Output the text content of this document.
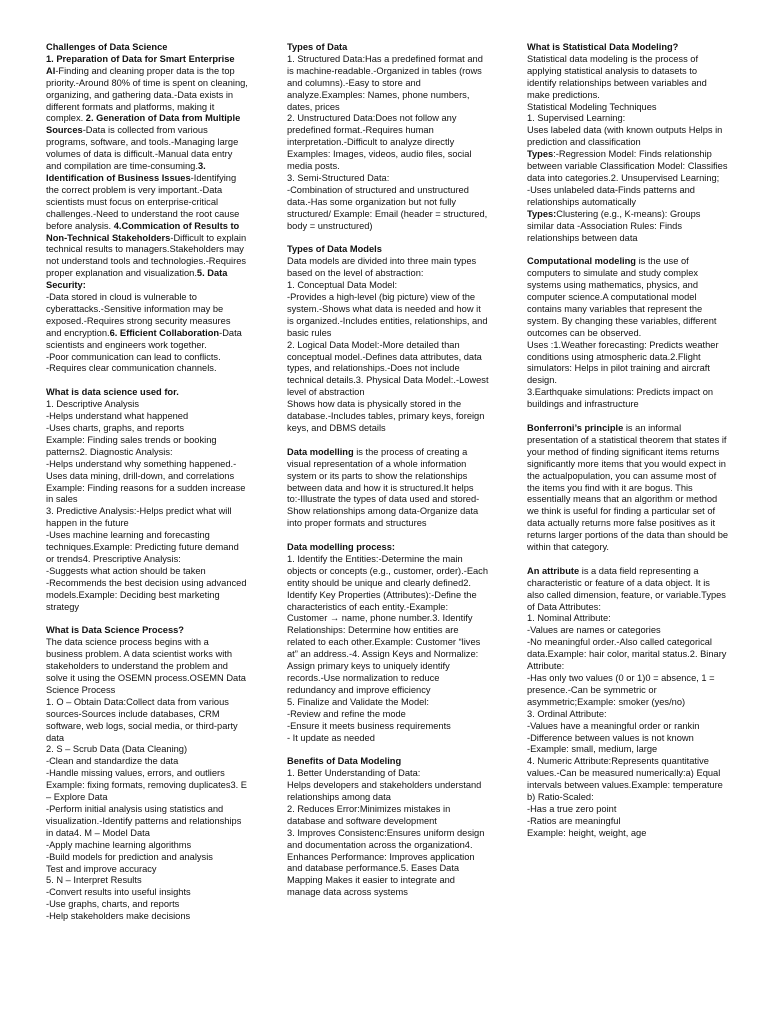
Challenges of Data Science
1. Preparation of Data for Smart Enterprise AI-Finding and cleaning proper data is the top priority.-Around 80% of time is spent on cleaning, organizing, and gathering data.-Data exists in different formats and platforms, making it complex. 2. Generation of Data from Multiple Sources-Data is collected from various programs, software, and tools.-Managing large volumes of data is difficult.-Manual data entry and compilation are time-consuming.3. Identification of Business Issues-Identifying the correct problem is very important.-Data scientists must focus on enterprise-critical challenges.-Need to understand the root cause before analysis. 4.Commication of Results to Non-Technical Stakeholders-Difficult to explain technical results to managers.Stakeholders may not understand tools and technologies.-Requires proper explanation and visualization.5. Data Security:
-Data stored in cloud is vulnerable to cyberattacks.-Sensitive information may be exposed.-Requires strong security measures and encryption.6. Efficient Collaboration-Data scientists and engineers work together.
-Poor communication can lead to conflicts.
-Requires clear communication channels.
What is data science used for.
1. Descriptive Analysis
-Helps understand what happened
-Uses charts, graphs, and reports
Example: Finding sales trends or booking patterns2. Diagnostic Analysis:
-Helps understand why something happened.-Uses data mining, drill-down, and correlations Example: Finding reasons for a sudden increase in sales
3. Predictive Analysis:-Helps predict what will happen in the future
-Uses machine learning and forecasting techniques.Example: Predicting future demand or trends4. Prescriptive Analysis:
-Suggests what action should be taken
-Recommends the best decision using advanced models.Example: Deciding best marketing strategy
What is Data Science Process?
The data science process begins with a business problem. A data scientist works with stakeholders to understand the problem and solve it using the OSEMN process.OSEMN Data Science Process
1. O – Obtain Data:Collect data from various sources-Sources include databases, CRM software, web logs, social media, or third-party data
2. S – Scrub Data (Data Cleaning)
-Clean and standardize the data
-Handle missing values, errors, and outliers Example: fixing formats, removing duplicates3. E – Explore Data
-Perform initial analysis using statistics and visualization.-Identify patterns and relationships in data4. M – Model Data
-Apply machine learning algorithms
-Build models for prediction and analysis
Test and improve accuracy
5. N – Interpret Results
-Convert results into useful insights
-Use graphs, charts, and reports
-Help stakeholders make decisions
Types of Data
1. Structured Data:Has a predefined format and is machine-readable.-Organized in tables (rows and columns).-Easy to store and analyze.Examples: Names, phone numbers, dates, prices
2. Unstructured Data:Does not follow any predefined format.-Requires human interpretation.-Difficult to analyze directly Examples: Images, videos, audio files, social media posts.
3. Semi-Structured Data:
-Combination of structured and unstructured data.-Has some organization but not fully structured/ Example: Email (header = structured, body = unstructured)
Types of Data Models
Data models are divided into three main types based on the level of abstraction:
1. Conceptual Data Model:
-Provides a high-level (big picture) view of the system.-Shows what data is needed and how it is organized.-Includes entities, relationships, and basic rules
2. Logical Data Model:-More detailed than conceptual model.-Defines data attributes, data types, and relationships.-Does not include technical details.3. Physical Data Model:.-Lowest level of abstraction
Shows how data is physically stored in the database.-Includes tables, primary keys, foreign keys, and DBMS details
Data modelling is the process of creating a visual representation of a whole information system or its parts to show the relationships between data and how it is structured.It helps to:-Illustrate the types of data used and stored-Show relationships among data-Organize data into proper formats and structures
Data modelling process:
1. Identify the Entities:-Determine the main objects or concepts (e.g., customer, order).-Each entity should be unique and clearly defined2. Identify Key Properties (Attributes):-Define the characteristics of each entity.-Example: Customer → name, phone number.3. Identify Relationships: Determine how entities are related to each other.Example: Customer “lives at” an address.-4. Assign Keys and Normalize: Assign primary keys to uniquely identify records.-Use normalization to reduce redundancy and improve efficiency
5. Finalize and Validate the Model:
-Review and refine the mode
-Ensure it meets business requirements
- It update as needed
Benefits of Data Modeling
1. Better Understanding of Data:
Helps developers and stakeholders understand relationships among data
2. Reduces Error:Minimizes mistakes in database and software development
3. Improves Consistenc:Ensures uniform design and documentation across the organization4. Enhances Performance: Improves application and database performance.5. Eases Data Mapping Makes it easier to integrate and manage data across systems
What is Statistical Data Modeling?
Statistical data modeling is the process of applying statistical analysis to datasets to identify relationships between variables and make predictions.
Statistical Modeling Techniques
1. Supervised Learning:
Uses labeled data (with known outputs Helps in prediction and classification
Types:-Regression Model: Finds relationship between variable Classification Model: Classifies data into categories.2. Unsupervised Learning;
-Uses unlabeled data-Finds patterns and relationships automatically
Types:Clustering (e.g., K-means): Groups similar data -Association Rules: Finds relationships between data
Computational modeling is the use of computers to simulate and study complex systems using mathematics, physics, and computer science.A computational model contains many variables that represent the system. By changing these variables, different outcomes can be observed.
Uses :1.Weather forecasting: Predicts weather conditions using atmospheric data.2.Flight simulators: Helps in pilot training and aircraft design.
3.Earthquake simulations: Predicts impact on buildings and infrastructure
Bonferroni’s principle is an informal presentation of a statistical theorem that states if your method of finding significant items returns significantly more items that you would expect in the actualpopulation, you can assume most of the items you find with it are bogus. This essentially means that an algorithm or method we think is useful for finding a particular set of data actually returns more false positives as it returns larger portions of the data than should be within that category.
An attribute is a data field representing a characteristic or feature of a data object. It is also called dimension, feature, or variable.Types of Data Attributes:
1. Nominal Attribute:
-Values are names or categories
-No meaningful order.-Also called categorical data.Example: hair color, marital status.2. Binary Attribute:
-Has only two values (0 or 1)0 = absence, 1 = presence.-Can be symmetric or asymmetric;Example: smoker (yes/no)
3. Ordinal Attribute:
-Values have a meaningful order or rankin
-Difference between values is not known
-Example: small, medium, large
4. Numeric Attribute:Represents quantitative values.-Can be measured numerically:a) Equal intervals between values.Example: temperature
b) Ratio-Scaled:
-Has a true zero point
-Ratios are meaningful
Example: height, weight, age
